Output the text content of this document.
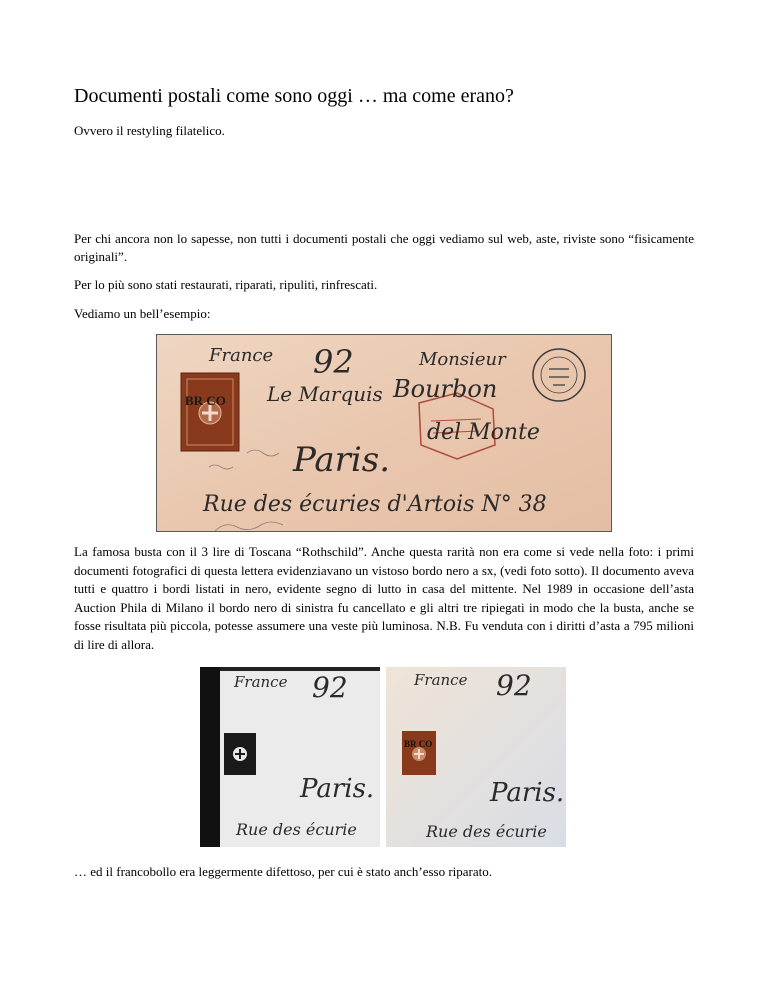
Documenti postali come sono oggi … ma come erano?

Ovvero il restyling filatelico.

Per chi ancora non lo sapesse, non tutti i documenti postali che oggi vediamo sul web, aste, riviste sono “fisicamente originali”.

Per lo più sono stati restaurati, riparati, ripuliti, rinfrescati.

Vediamo un bell’esempio:

BR CO
France 92	Monsieur
Le Marquis Bourbon
del Monte
Paris.
Rue des écuries d'Artois N° 38

La famosa busta con il 3 lire di Toscana “Rothschild”. Anche questa rarità non era come si vede nella foto: i primi documenti fotografici di questa lettera evidenziavano un vistoso bordo nero a sx, (vedi foto sotto). Il documento aveva tutti e quattro i bordi listati in nero, evidente segno di lutto in casa del mittente. Nel 1989 in occasione dell’asta Auction Phila di Milano il bordo nero di sinistra fu cancellato e gli altri tre ripiegati in modo che la busta, anche se fosse risultata più piccola, potesse assumere una veste più luminosa. N.B. Fu venduta con i diritti d’asta a 795 milioni di lire di allora.

France 92
Paris.
Rue des écurie
BR CO
France 92
Paris.
Rue des écurie

… ed il francobollo era leggermente difettoso, per cui è stato anch’esso riparato.
